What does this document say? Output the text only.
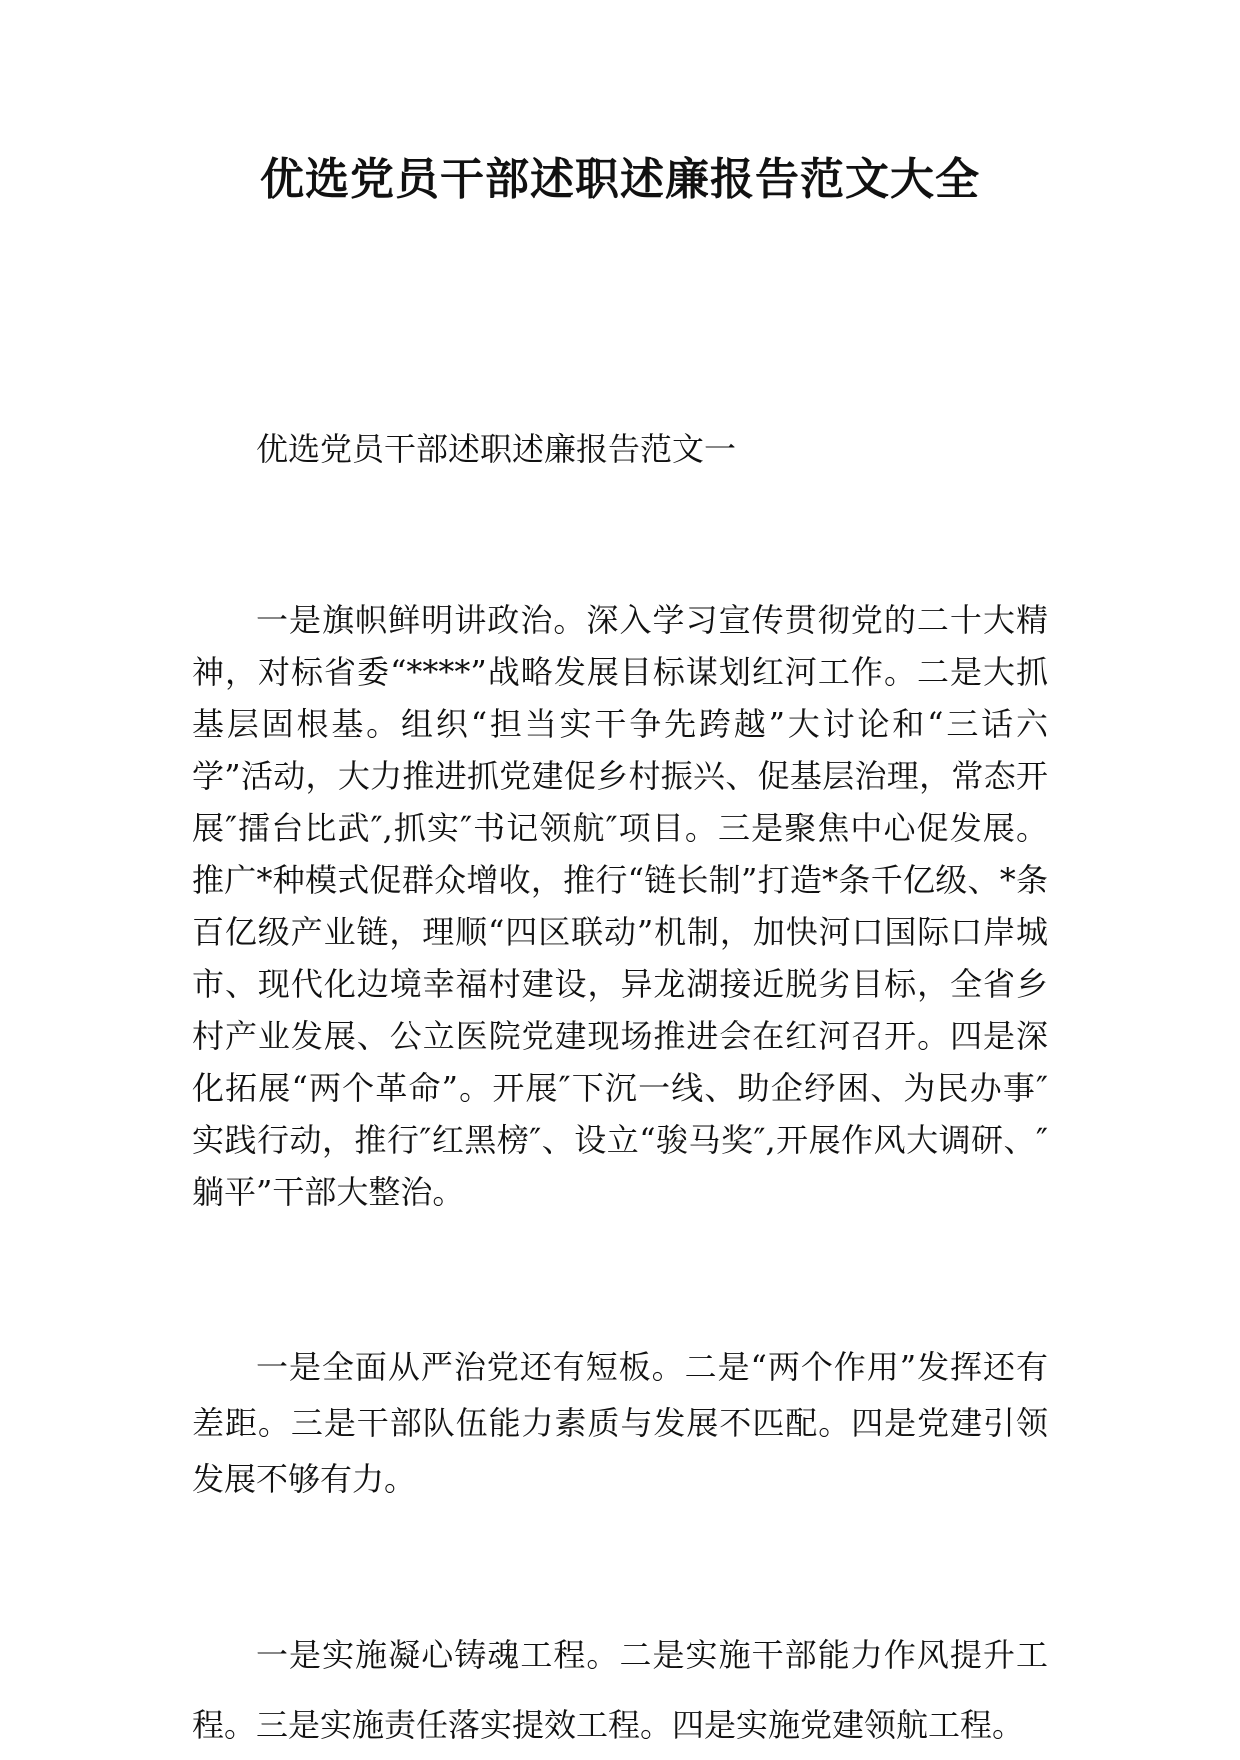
优选党员干部述职述廉报告范文大全

优选党员干部述职述廉报告范文一

一是旗帜鲜明讲政治。深入学习宣传贯彻党的二十大精神，对标省委“****”战略发展目标谋划红河工作。二是大抓基层固根基。组织“担当实干争先跨越”大讨论和“三话六学”活动，大力推进抓党建促乡村振兴、促基层治理，常态开展″擂台比武″,抓实″书记领航″项目。三是聚焦中心促发展。推广*种模式促群众增收，推行“链长制”打造*条千亿级、*条百亿级产业链，理顺“四区联动”机制，加快河口国际口岸城市、现代化边境幸福村建设，异龙湖接近脱劣目标，全省乡村产业发展、公立医院党建现场推进会在红河召开。四是深化拓展“两个革命”。开展″下沉一线、助企纾困、为民办事″实践行动，推行″红黑榜″、设立“骏马奖″,开展作风大调研、″躺平”干部大整治。

一是全面从严治党还有短板。二是“两个作用”发挥还有差距。三是干部队伍能力素质与发展不匹配。四是党建引领发展不够有力。

一是实施凝心铸魂工程。二是实施干部能力作风提升工程。三是实施责任落实提效工程。四是实施党建领航工程。
